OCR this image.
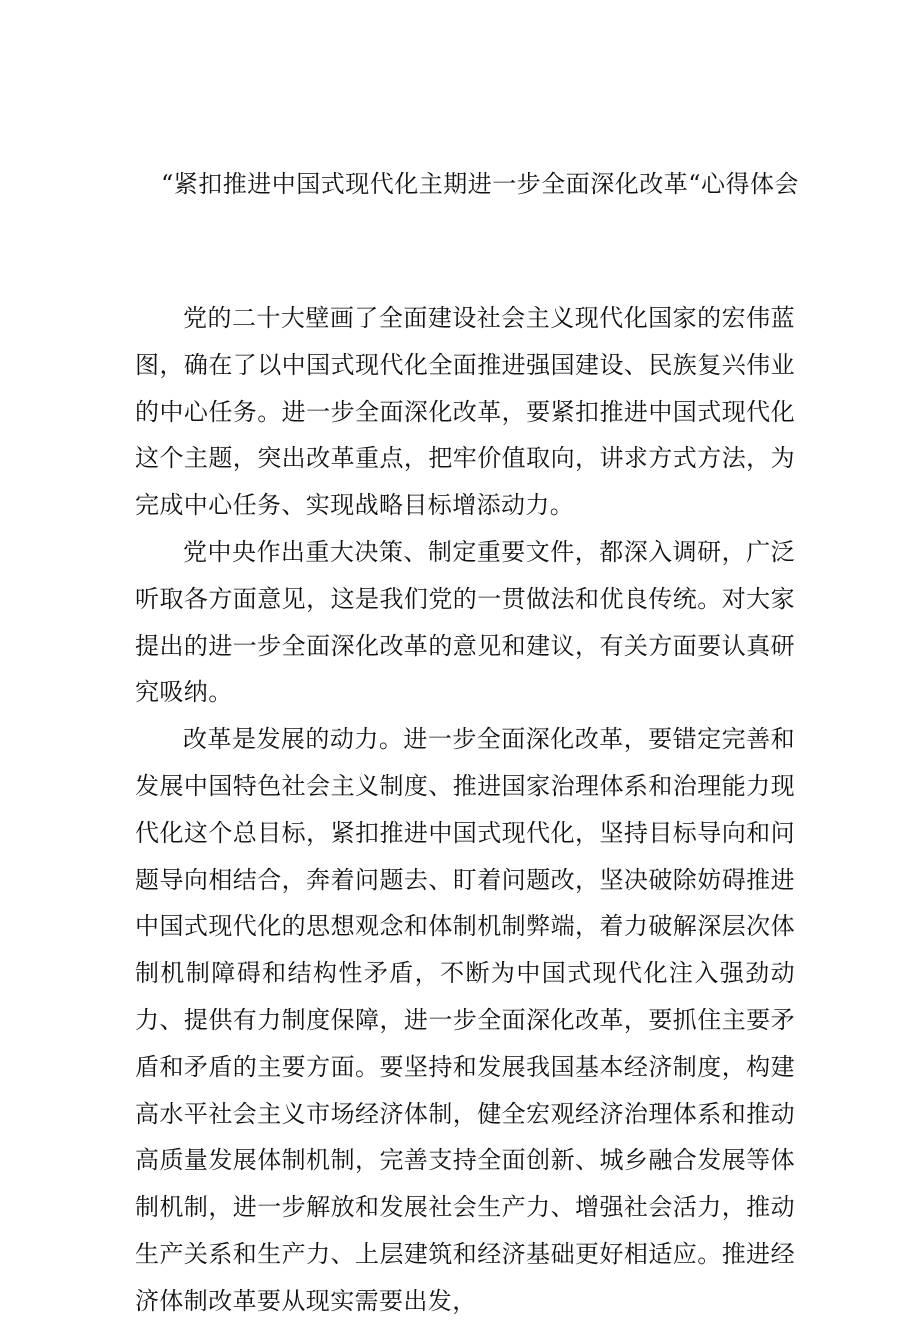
“紧扣推进中国式现代化主期进一步全面深化改革“心得体会

党的二十大壁画了全面建设社会主义现代化国家的宏伟蓝图，确在了以中国式现代化全面推进强国建设、民族复兴伟业的中心任务。进一步全面深化改革，要紧扣推进中国式现代化这个主题，突出改革重点，把牢价值取向，讲求方式方法，为完成中心任务、实现战略目标增添动力。

党中央作出重大决策、制定重要文件，都深入调研，广泛听取各方面意见，这是我们党的一贯做法和优良传统。对大家提出的进一步全面深化改革的意见和建议，有关方面要认真研究吸纳。

改革是发展的动力。进一步全面深化改革，要错定完善和发展中国特色社会主义制度、推进国家治理体系和治理能力现代化这个总目标，紧扣推进中国式现代化，坚持目标导向和问题导向相结合，奔着问题去、盯着问题改，坚决破除妨碍推进中国式现代化的思想观念和体制机制弊端，着力破解深层次体制机制障碍和结构性矛盾，不断为中国式现代化注入强劲动力、提供有力制度保障，进一步全面深化改革，要抓住主要矛盾和矛盾的主要方面。要坚持和发展我国基本经济制度，构建高水平社会主义市场经济体制，健全宏观经济治理体系和推动高质量发展体制机制，完善支持全面创新、城乡融合发展等体制机制，进一步解放和发展社会生产力、增强社会活力，推动生产关系和生产力、上层建筑和经济基础更好相适应。推进经济体制改革要从现实需要出发，
